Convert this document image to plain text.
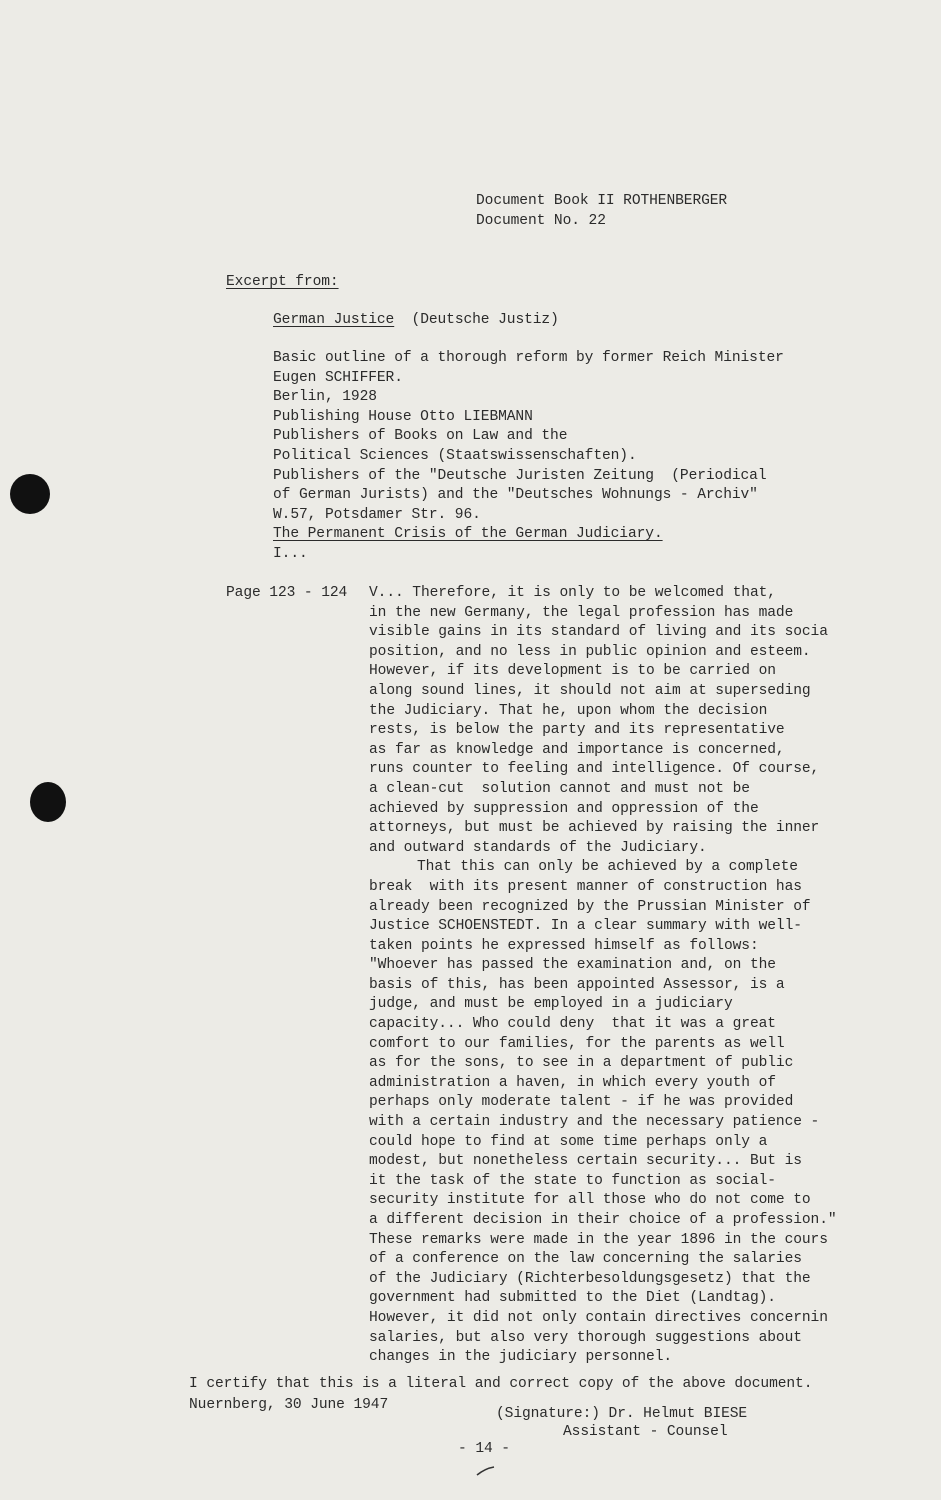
Document Book II ROTHENBERGER
Document No. 22
Excerpt from:
German Justice (Deutsche Justiz)
Basic outline of a thorough reform by former Reich Minister
Eugen SCHIFFER.
Berlin, 1928
Publishing House Otto LIEBMANN
Publishers of Books on Law and the
Political Sciences (Staatswissenschaften).
Publishers of the "Deutsche Juristen Zeitung  (Periodical
of German Jurists) and the "Deutsches Wohnungs - Archiv"
W.57, Potsdamer Str. 96.
The Permanent Crisis of the German Judiciary.
I...
Page 123 - 124 V... Therefore, it is only to be welcomed that,
in the new Germany, the legal profession has made
visible gains in its standard of living and its socia
position, and no less in public opinion and esteem.
However, if its development is to be carried on
along sound lines, it should not aim at superseding
the Judiciary. That he, upon whom the decision
rests, is below the party and its representative
as far as knowledge and importance is concerned,
runs counter to feeling and intelligence. Of course,
a clean-cut  solution cannot and must not be
achieved by suppression and oppression of the
attorneys, but must be achieved by raising the inner
and outward standards of the Judiciary.
That this can only be achieved by a complete
break  with its present manner of construction has
already been recognized by the Prussian Minister of
Justice SCHOENSTEDT. In a clear summary with well-
taken points he expressed himself as follows:
"Whoever has passed the examination and, on the
basis of this, has been appointed Assessor, is a
judge, and must be employed in a judiciary
capacity... Who could deny  that it was a great
comfort to our families, for the parents as well
as for the sons, to see in a department of public
administration a haven, in which every youth of
perhaps only moderate talent - if he was provided
with a certain industry and the necessary patience -
could hope to find at some time perhaps only a
modest, but nonetheless certain security... But is
it the task of the state to function as social-
security institute for all those who do not come to
a different decision in their choice of a profession."
These remarks were made in the year 1896 in the cours
of a conference on the law concerning the salaries
of the Judiciary (Richterbesoldungsgesetz) that the
government had submitted to the Diet (Landtag).
However, it did not only contain directives concernin
salaries, but also very thorough suggestions about
changes in the judiciary personnel.
I certify that this is a literal and correct copy of the above document.
Nuernberg, 30 June 1947
(Signature:) Dr. Helmut BIESE
Assistant - Counsel
- 14 -
